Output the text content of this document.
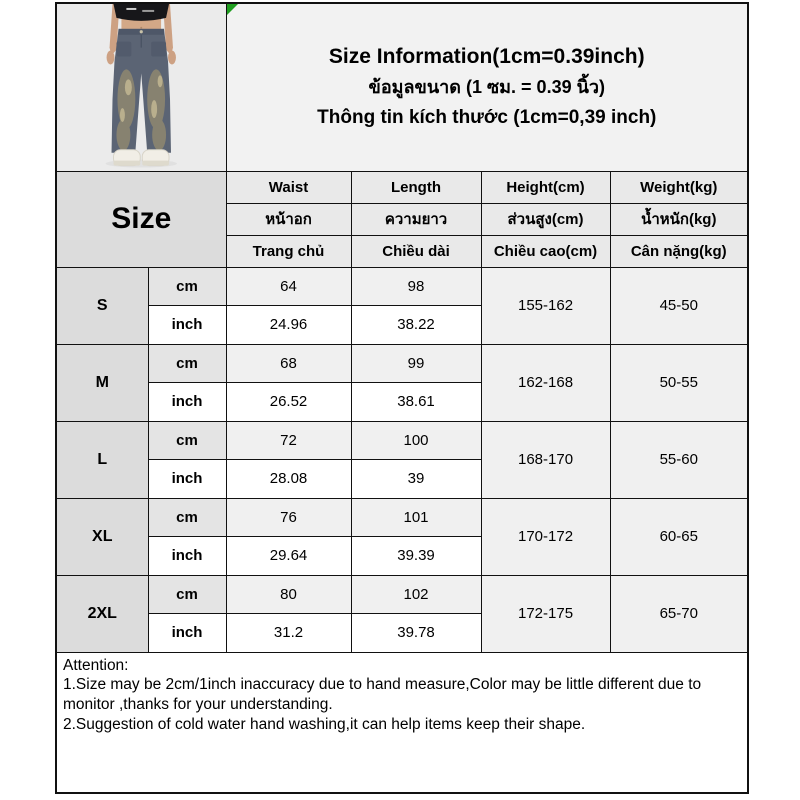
Size Information(1cm=0.39inch)
ข้อมูลขนาด (1 ซม. = 0.39 นิ้ว)
Thông tin kích thước (1cm=0,39 inch)			

Size		Waist	Length	Height(cm)	Weight(kg)
		หน้าอก	ความยาว	ส่วนสูง(cm)	น้ำหนัก(kg)
		Trang chủ	Chiều dài	Chiều cao(cm)	Cân nặng(kg)
S	cm	64	98	155-162	45-50
	inch	24.96	38.22		
M	cm	68	99	162-168	50-55
	inch	26.52	38.61		
L	cm	72	100	168-170	55-60
	inch	28.08	39		
XL	cm	76	101	170-172	60-65
	inch	29.64	39.39		
2XL	cm	80	102	172-175	65-70
	inch	31.2	39.78		

Attention:
1.Size may be 2cm/1inch inaccuracy due to hand measure,Color may be little different due to monitor ,thanks for your understanding.
2.Suggestion of cold water hand washing,it can help items keep their shape.					
